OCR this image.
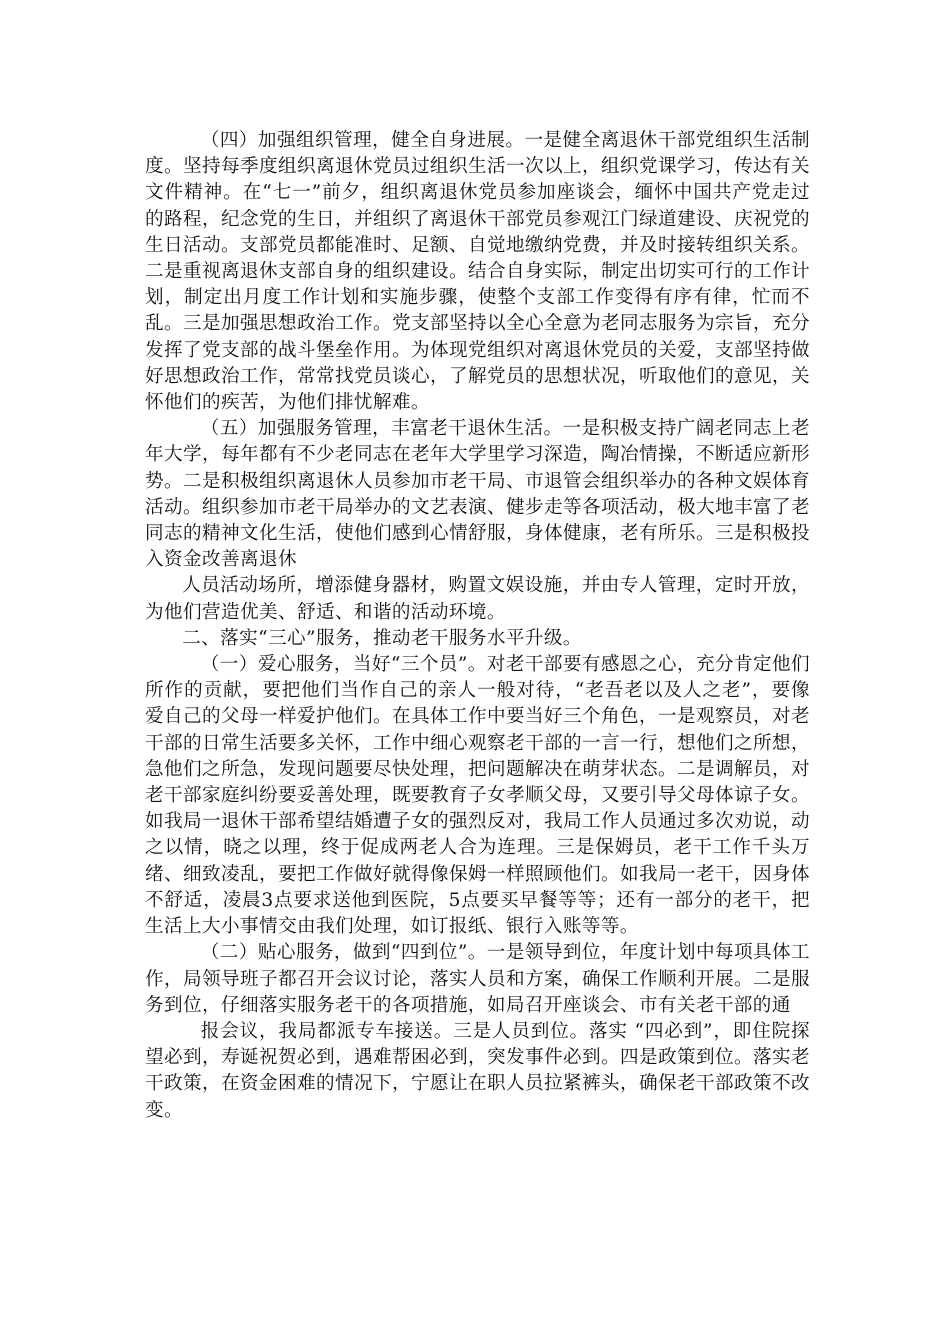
（四）加强组织管理，健全自身进展。一是健全离退休干部党组织生活制度。坚持每季度组织离退休党员过组织生活一次以上，组织党课学习，传达有关文件精神。在“七一”前夕，组织离退休党员参加座谈会，缅怀中国共产党走过的路程，纪念党的生日，并组织了离退休干部党员参观江门绿道建设、庆祝党的生日活动。支部党员都能准时、足额、自觉地缴纳党费，并及时接转组织关系。二是重视离退休支部自身的组织建设。结合自身实际，制定出切实可行的工作计划，制定出月度工作计划和实施步骤，使整个支部工作变得有序有律，忙而不乱。三是加强思想政治工作。党支部坚持以全心全意为老同志服务为宗旨，充分发挥了党支部的战斗堡垒作用。为体现党组织对离退休党员的关爱，支部坚持做好思想政治工作，常常找党员谈心，了解党员的思想状况，听取他们的意见，关怀他们的疾苦，为他们排忧解难。

（五）加强服务管理，丰富老干退休生活。一是积极支持广阔老同志上老年大学，每年都有不少老同志在老年大学里学习深造，陶冶情操，不断适应新形势。二是积极组织离退休人员参加市老干局、市退管会组织举办的各种文娱体育活动。组织参加市老干局举办的文艺表演、健步走等各项活动，极大地丰富了老同志的精神文化生活，使他们感到心情舒服，身体健康，老有所乐。三是积极投入资金改善离退休

人员活动场所，增添健身器材，购置文娱设施，并由专人管理，定时开放，为他们营造优美、舒适、和谐的活动环境。

二、落实“三心”服务，推动老干服务水平升级。

（一）爱心服务，当好“三个员”。对老干部要有感恩之心，充分肯定他们所作的贡献，要把他们当作自己的亲人一般对待，“老吾老以及人之老”，要像爱自己的父母一样爱护他们。在具体工作中要当好三个角色，一是观察员，对老干部的日常生活要多关怀，工作中细心观察老干部的一言一行，想他们之所想，急他们之所急，发现问题要尽快处理，把问题解决在萌芽状态。二是调解员，对老干部家庭纠纷要妥善处理，既要教育子女孝顺父母，又要引导父母体谅子女。如我局一退休干部希望结婚遭子女的强烈反对，我局工作人员通过多次劝说，动之以情，晓之以理，终于促成两老人合为连理。三是保姆员，老干工作千头万绪、细致凌乱，要把工作做好就得像保姆一样照顾他们。如我局一老干，因身体不舒适，凌晨3点要求送他到医院，5点要买早餐等等；还有一部分的老干，把生活上大小事情交由我们处理，如订报纸、银行入账等等。

（二）贴心服务，做到“四到位”。一是领导到位，年度计划中每项具体工作，局领导班子都召开会议讨论，落实人员和方案，确保工作顺利开展。二是服务到位，仔细落实服务老干的各项措施，如局召开座谈会、市有关老干部的通

报会议，我局都派专车接送。三是人员到位。落实 “四必到”，即住院探望必到，寿诞祝贺必到，遇难帮困必到，突发事件必到。四是政策到位。落实老干政策，在资金困难的情况下，宁愿让在职人员拉紧裤头，确保老干部政策不改变。
